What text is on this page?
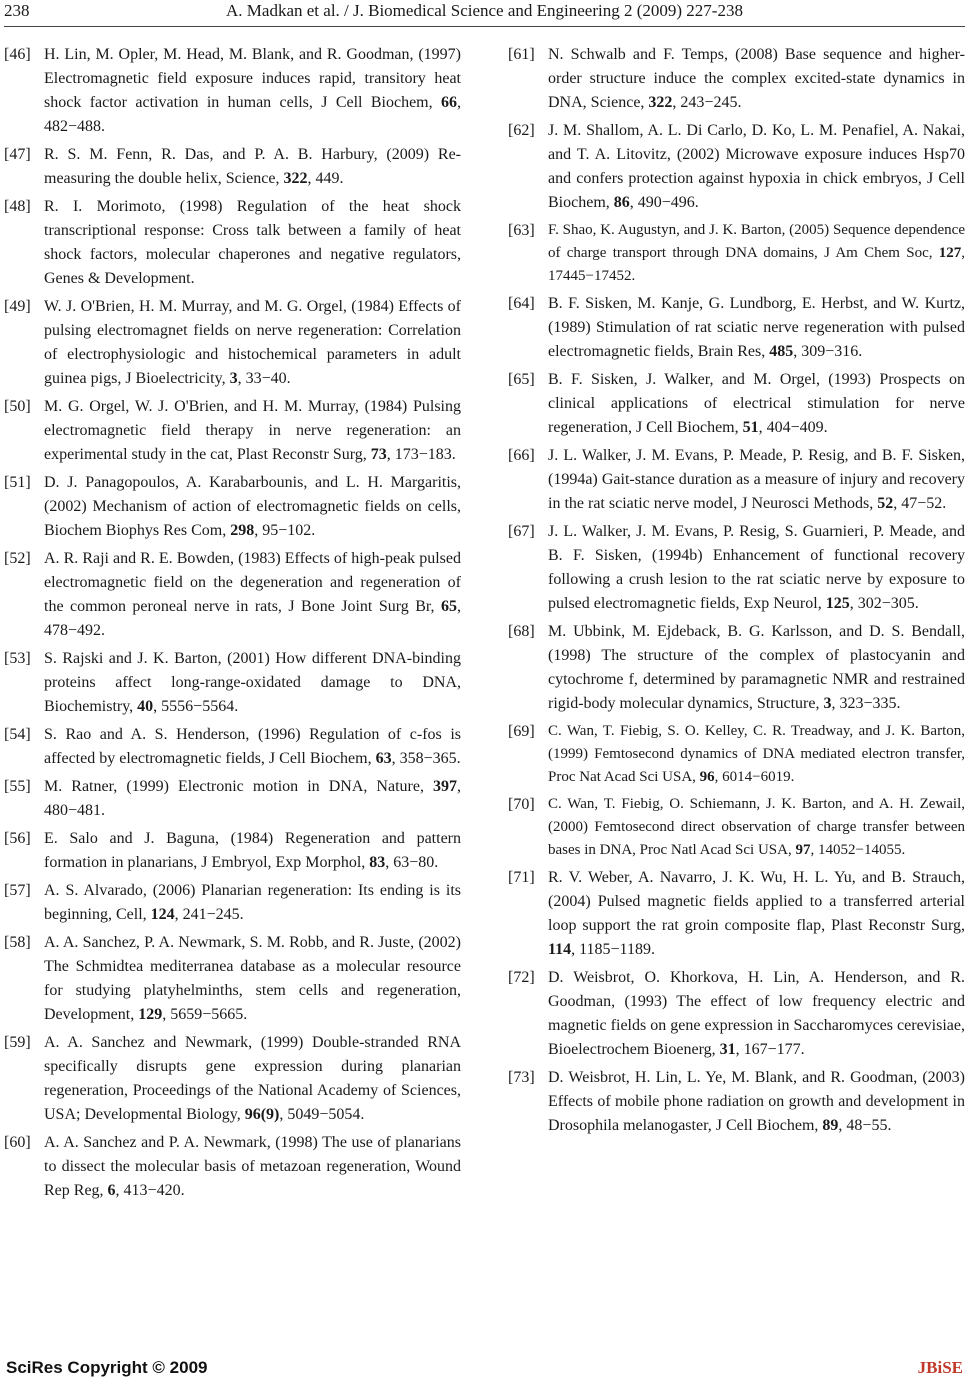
238	A. Madkan et al. / J. Biomedical Science and Engineering 2 (2009) 227-238
[46] H. Lin, M. Opler, M. Head, M. Blank, and R. Goodman, (1997) Electromagnetic field exposure induces rapid, transitory heat shock factor activation in human cells, J Cell Biochem, 66, 482−488.
[47] R. S. M. Fenn, R. Das, and P. A. B. Harbury, (2009) Re-measuring the double helix, Science, 322, 449.
[48] R. I. Morimoto, (1998) Regulation of the heat shock transcriptional response: Cross talk between a family of heat shock factors, molecular chaperones and negative regulators, Genes & Development.
[49] W. J. O'Brien, H. M. Murray, and M. G. Orgel, (1984) Effects of pulsing electromagnet fields on nerve regeneration: Correlation of electrophysiologic and histochemical parameters in adult guinea pigs, J Bioelectricity, 3, 33−40.
[50] M. G. Orgel, W. J. O'Brien, and H. M. Murray, (1984) Pulsing electromagnetic field therapy in nerve regeneration: an experimental study in the cat, Plast Reconstr Surg, 73, 173−183.
[51] D. J. Panagopoulos, A. Karabarbounis, and L. H. Margaritis, (2002) Mechanism of action of electromagnetic fields on cells, Biochem Biophys Res Com, 298, 95−102.
[52] A. R. Raji and R. E. Bowden, (1983) Effects of high-peak pulsed electromagnetic field on the degeneration and regeneration of the common peroneal nerve in rats, J Bone Joint Surg Br, 65, 478−492.
[53] S. Rajski and J. K. Barton, (2001) How different DNA-binding proteins affect long-range-oxidated damage to DNA, Biochemistry, 40, 5556−5564.
[54] S. Rao and A. S. Henderson, (1996) Regulation of c-fos is affected by electromagnetic fields, J Cell Biochem, 63, 358−365.
[55] M. Ratner, (1999) Electronic motion in DNA, Nature, 397, 480−481.
[56] E. Salo and J. Baguna, (1984) Regeneration and pattern formation in planarians, J Embryol, Exp Morphol, 83, 63−80.
[57] A. S. Alvarado, (2006) Planarian regeneration: Its ending is its beginning, Cell, 124, 241−245.
[58] A. A. Sanchez, P. A. Newmark, S. M. Robb, and R. Juste, (2002) The Schmidtea mediterranea database as a molecular resource for studying platyhelminths, stem cells and regeneration, Development, 129, 5659−5665.
[59] A. A. Sanchez and Newmark, (1999) Double-stranded RNA specifically disrupts gene expression during planarian regeneration, Proceedings of the National Academy of Sciences, USA; Developmental Biology, 96(9), 5049−5054.
[60] A. A. Sanchez and P. A. Newmark, (1998) The use of planarians to dissect the molecular basis of metazoan regeneration, Wound Rep Reg, 6, 413−420.
[61] N. Schwalb and F. Temps, (2008) Base sequence and higher-order structure induce the complex excited-state dynamics in DNA, Science, 322, 243−245.
[62] J. M. Shallom, A. L. Di Carlo, D. Ko, L. M. Penafiel, A. Nakai, and T. A. Litovitz, (2002) Microwave exposure induces Hsp70 and confers protection against hypoxia in chick embryos, J Cell Biochem, 86, 490−496.
[63] F. Shao, K. Augustyn, and J. K. Barton, (2005) Sequence dependence of charge transport through DNA domains, J Am Chem Soc, 127, 17445−17452.
[64] B. F. Sisken, M. Kanje, G. Lundborg, E. Herbst, and W. Kurtz, (1989) Stimulation of rat sciatic nerve regeneration with pulsed electromagnetic fields, Brain Res, 485, 309−316.
[65] B. F. Sisken, J. Walker, and M. Orgel, (1993) Prospects on clinical applications of electrical stimulation for nerve regeneration, J Cell Biochem, 51, 404−409.
[66] J. L. Walker, J. M. Evans, P. Meade, P. Resig, and B. F. Sisken, (1994a) Gait-stance duration as a measure of injury and recovery in the rat sciatic nerve model, J Neurosci Methods, 52, 47−52.
[67] J. L. Walker, J. M. Evans, P. Resig, S. Guarnieri, P. Meade, and B. F. Sisken, (1994b) Enhancement of functional recovery following a crush lesion to the rat sciatic nerve by exposure to pulsed electromagnetic fields, Exp Neurol, 125, 302−305.
[68] M. Ubbink, M. Ejdeback, B. G. Karlsson, and D. S. Bendall, (1998) The structure of the complex of plastocyanin and cytochrome f, determined by paramagnetic NMR and restrained rigid-body molecular dynamics, Structure, 3, 323−335.
[69] C. Wan, T. Fiebig, S. O. Kelley, C. R. Treadway, and J. K. Barton, (1999) Femtosecond dynamics of DNA mediated electron transfer, Proc Nat Acad Sci USA, 96, 6014−6019.
[70] C. Wan, T. Fiebig, O. Schiemann, J. K. Barton, and A. H. Zewail, (2000) Femtosecond direct observation of charge transfer between bases in DNA, Proc Natl Acad Sci USA, 97, 14052−14055.
[71] R. V. Weber, A. Navarro, J. K. Wu, H. L. Yu, and B. Strauch, (2004) Pulsed magnetic fields applied to a transferred arterial loop support the rat groin composite flap, Plast Reconstr Surg, 114, 1185−1189.
[72] D. Weisbrot, O. Khorkova, H. Lin, A. Henderson, and R. Goodman, (1993) The effect of low frequency electric and magnetic fields on gene expression in Saccharomyces cerevisiae, Bioelectrochem Bioenerg, 31, 167−177.
[73] D. Weisbrot, H. Lin, L. Ye, M. Blank, and R. Goodman, (2003) Effects of mobile phone radiation on growth and development in Drosophila melanogaster, J Cell Biochem, 89, 48−55.
SciRes Copyright © 2009	JBiSE
